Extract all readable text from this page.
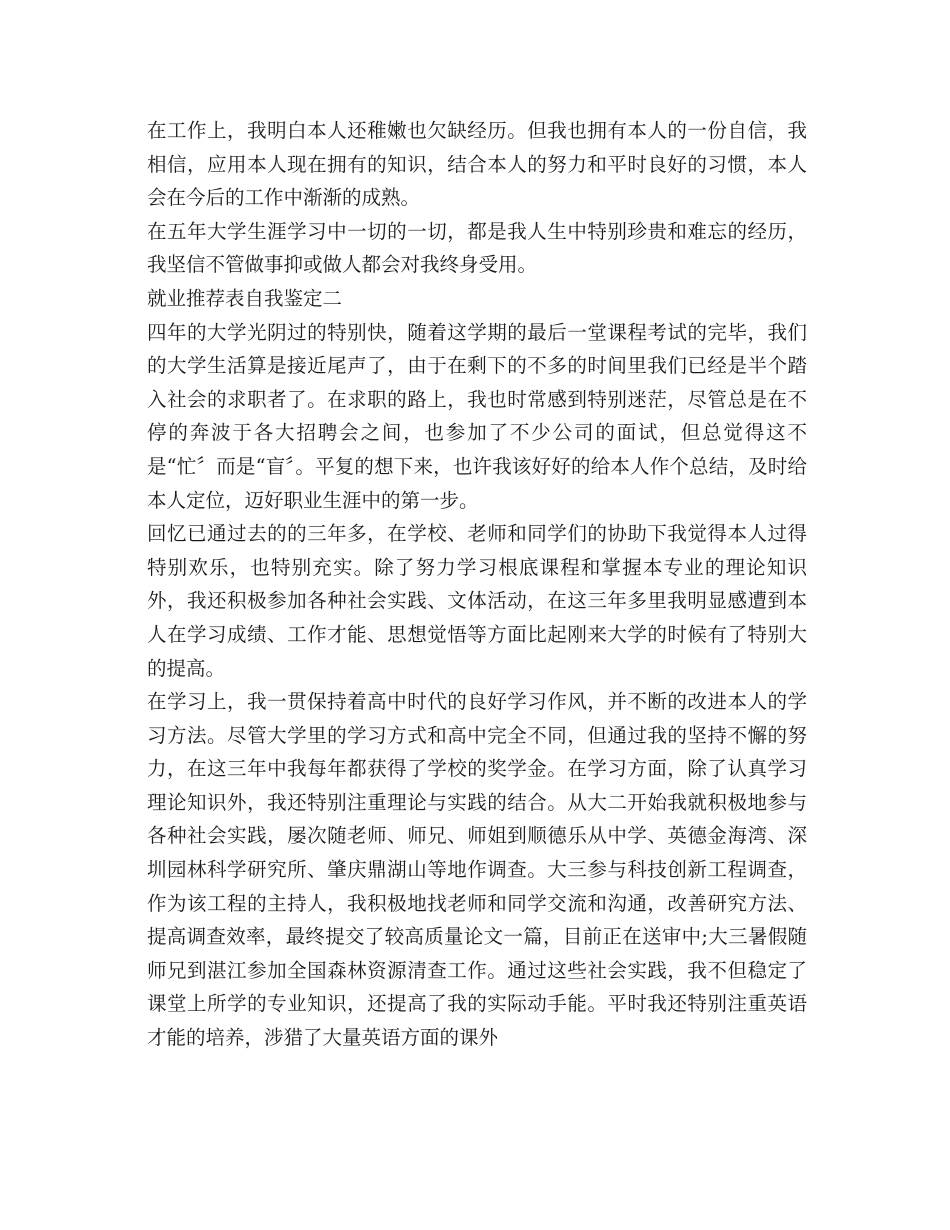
在工作上，我明白本人还稚嫩也欠缺经历。但我也拥有本人的一份自信，我相信，应用本人现在拥有的知识，结合本人的努力和平时良好的习惯，本人会在今后的工作中渐渐的成熟。

在五年大学生涯学习中一切的一切，都是我人生中特别珍贵和难忘的经历，我坚信不管做事抑或做人都会对我终身受用。

就业推荐表自我鉴定二

四年的大学光阴过的特别快，随着这学期的最后一堂课程考试的完毕，我们的大学生活算是接近尾声了，由于在剩下的不多的时间里我们已经是半个踏入社会的求职者了。在求职的路上，我也时常感到特别迷茫，尽管总是在不停的奔波于各大招聘会之间，也参加了不少公司的面试，但总觉得这不是“忙〞而是“盲〞。平复的想下来，也许我该好好的给本人作个总结，及时给本人定位，迈好职业生涯中的第一步。

回忆已通过去的的三年多，在学校、老师和同学们的协助下我觉得本人过得特别欢乐，也特别充实。除了努力学习根底课程和掌握本专业的理论知识外，我还积极参加各种社会实践、文体活动，在这三年多里我明显感遭到本人在学习成绩、工作才能、思想觉悟等方面比起刚来大学的时候有了特别大的提高。

在学习上，我一贯保持着高中时代的良好学习作风，并不断的改进本人的学习方法。尽管大学里的学习方式和高中完全不同，但通过我的坚持不懈的努力，在这三年中我每年都获得了学校的奖学金。在学习方面，除了认真学习理论知识外，我还特别注重理论与实践的结合。从大二开始我就积极地参与各种社会实践，屡次随老师、师兄、师姐到顺德乐从中学、英德金海湾、深圳园林科学研究所、肇庆鼎湖山等地作调查。大三参与科技创新工程调查，作为该工程的主持人，我积极地找老师和同学交流和沟通，改善研究方法、提高调查效率，最终提交了较高质量论文一篇，目前正在送审中;大三暑假随师兄到湛江参加全国森林资源清查工作。通过这些社会实践，我不但稳定了课堂上所学的专业知识，还提高了我的实际动手能。平时我还特别注重英语才能的培养，涉猎了大量英语方面的课外
